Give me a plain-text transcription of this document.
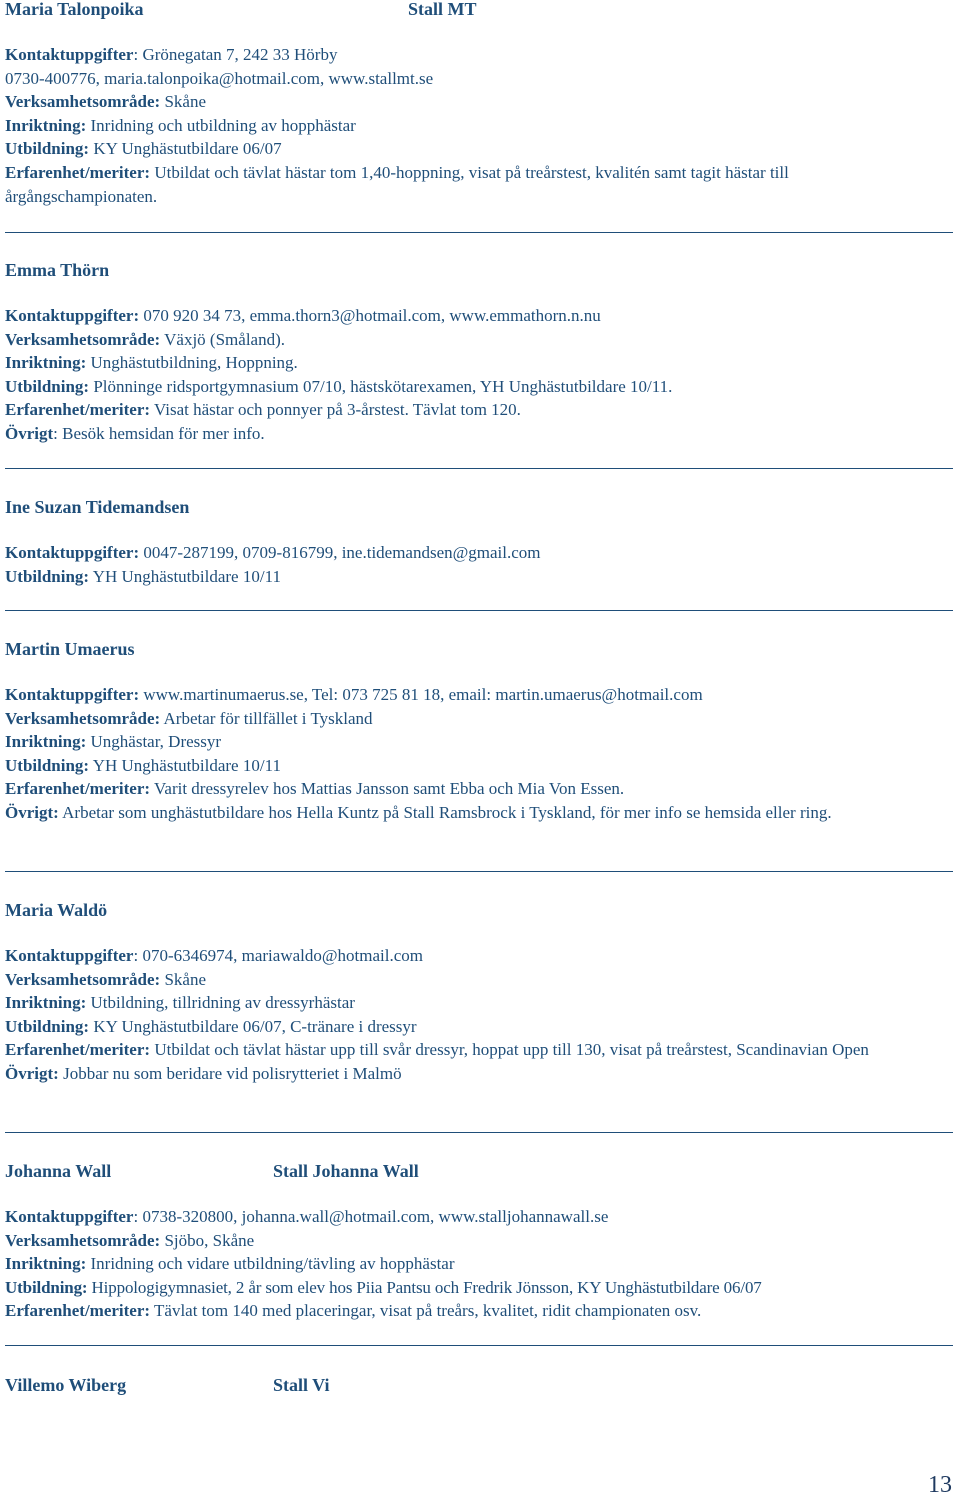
Maria Talonpoika	Stall MT
Kontaktuppgifter: Grönegatan 7, 242 33 Hörby
0730-400776, maria.talonpoika@hotmail.com, www.stallmt.se
Verksamhetsområde: Skåne
Inriktning: Inridning och utbildning av hopphästar
Utbildning: KY Unghästutbildare 06/07
Erfarenhet/meriter: Utbildat och tävlat hästar tom 1,40-hoppning, visat på treårstest, kvalitén samt tagit hästar till årgångschampionaten.
Emma Thörn
Kontaktuppgifter: 070 920 34 73, emma.thorn3@hotmail.com, www.emmathorn.n.nu
Verksamhetsområde: Växjö (Småland).
Inriktning: Unghästutbildning, Hoppning.
Utbildning: Plönninge ridsportgymnasium 07/10, hästskötarexamen, YH Unghästutbildare 10/11.
Erfarenhet/meriter: Visat hästar och ponnyer på 3-årstest. Tävlat tom 120.
Övrigt: Besök hemsidan för mer info.
Ine Suzan Tidemandsen
Kontaktuppgifter: 0047-287199, 0709-816799, ine.tidemandsen@gmail.com
Utbildning: YH Unghästutbildare 10/11
Martin Umaerus
Kontaktuppgifter: www.martinumaerus.se, Tel: 073 725 81 18, email: martin.umaerus@hotmail.com
Verksamhetsområde: Arbetar för tillfället i Tyskland
Inriktning: Unghästar, Dressyr
Utbildning: YH Unghästutbildare 10/11
Erfarenhet/meriter: Varit dressyrelev hos Mattias Jansson samt Ebba och Mia Von Essen.
Övrigt: Arbetar som unghästutbildare hos Hella Kuntz på Stall Ramsbrock i Tyskland, för mer info se hemsida eller ring.
Maria Waldö
Kontaktuppgifter: 070-6346974, mariawaldo@hotmail.com
Verksamhetsområde: Skåne
Inriktning: Utbildning, tillridning av dressyrhästar
Utbildning: KY Unghästutbildare 06/07, C-tränare i dressyr
Erfarenhet/meriter: Utbildat och tävlat hästar upp till svår dressyr, hoppat upp till 130, visat på treårstest, Scandinavian Open
Övrigt: Jobbar nu som beridare vid polisrytteriet i Malmö
Johanna Wall	Stall Johanna Wall
Kontaktuppgifter: 0738-320800, johanna.wall@hotmail.com, www.stalljohannawall.se
Verksamhetsområde: Sjöbo, Skåne
Inriktning: Inridning och vidare utbildning/tävling av hopphästar
Utbildning: Hippologigymnasiet, 2 år som elev hos Piia Pantsu och Fredrik Jönsson, KY Unghästutbildare 06/07
Erfarenhet/meriter: Tävlat tom 140 med placeringar, visat på treårs, kvalitet, ridit championaten osv.
Villemo Wiberg	Stall Vi
13
